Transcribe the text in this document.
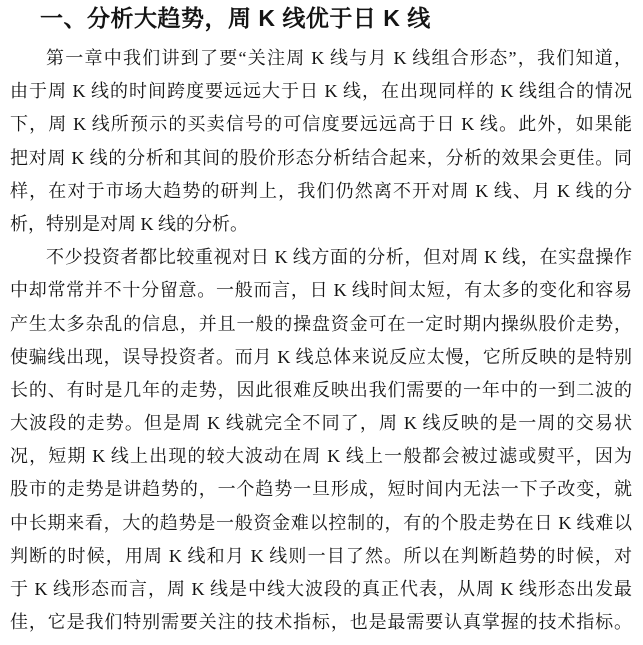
一、分析大趋势，周 K 线优于日 K 线
第一章中我们讲到了要“关注周 K 线与月 K 线组合形态”，我们知道，
由于周 K 线的时间跨度要远远大于日 K 线，在出现同样的 K 线组合的情况
下，周 K 线所预示的买卖信号的可信度要远远高于日 K 线。此外，如果能
把对周 K 线的分析和其间的股价形态分析结合起来，分析的效果会更佳。同
样，在对于市场大趋势的研判上，我们仍然离不开对周 K 线、月 K 线的分
析，特别是对周 K 线的分析。
不少投资者都比较重视对日 K 线方面的分析，但对周 K 线，在实盘操作
中却常常并不十分留意。一般而言，日 K 线时间太短，有太多的变化和容易
产生太多杂乱的信息，并且一般的操盘资金可在一定时期内操纵股价走势，
使骗线出现，误导投资者。而月 K 线总体来说反应太慢，它所反映的是特别
长的、有时是几年的走势，因此很难反映出我们需要的一年中的一到二波的
大波段的走势。但是周 K 线就完全不同了，周 K 线反映的是一周的交易状
况，短期 K 线上出现的较大波动在周 K 线上一般都会被过滤或熨平，因为
股市的走势是讲趋势的，一个趋势一旦形成，短时间内无法一下子改变，就
中长期来看，大的趋势是一般资金难以控制的，有的个股走势在日 K 线难以
判断的时候，用周 K 线和月 K 线则一目了然。所以在判断趋势的时候，对
于 K 线形态而言，周 K 线是中线大波段的真正代表，从周 K 线形态出发最
佳，它是我们特别需要关注的技术指标，也是最需要认真掌握的技术指标。
